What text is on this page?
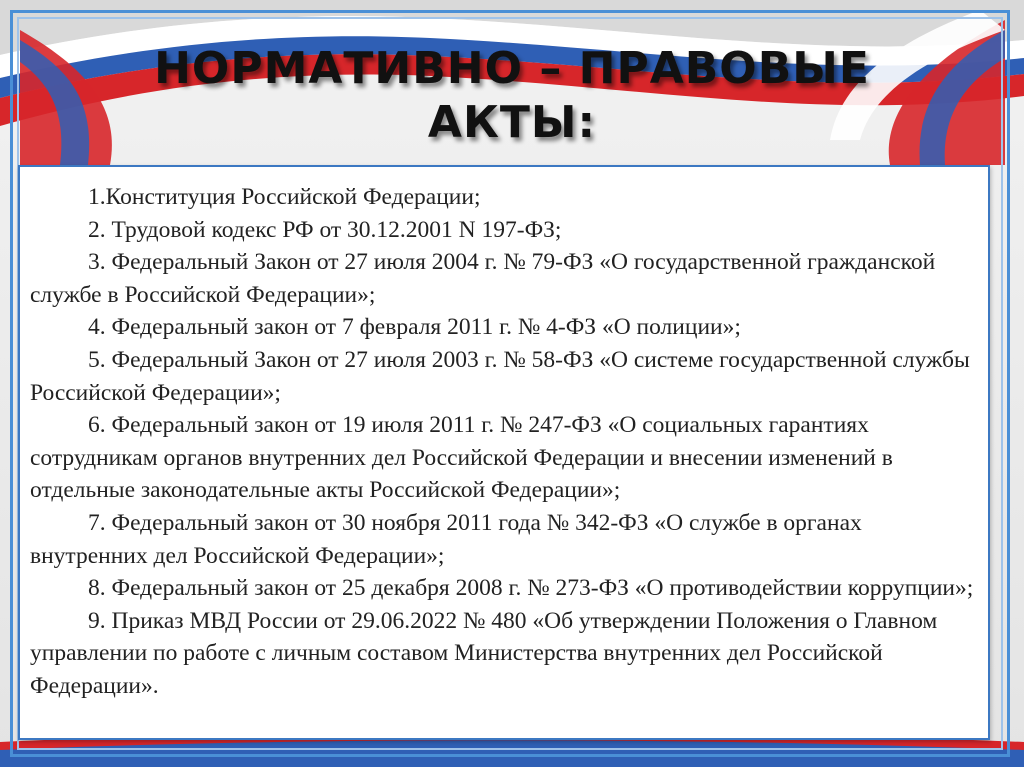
НОРМАТИВНО – ПРАВОВЫЕ
АКТЫ:

1.Конституция Российской Федерации;

2. Трудовой кодекс РФ от 30.12.2001 N 197-ФЗ;

3. Федеральный Закон от 27 июля 2004 г. № 79-ФЗ «О государственной гражданской службе в Российской Федерации»;

4. Федеральный закон от 7 февраля 2011 г. № 4-ФЗ «О полиции»;

5. Федеральный Закон от 27 июля 2003 г. № 58-ФЗ «О системе государственной службы Российской Федерации»;

6. Федеральный закон от 19 июля 2011 г. № 247-ФЗ «О социальных гарантиях сотрудникам органов внутренних дел Российской Федерации и внесении изменений в отдельные законодательные акты Российской Федерации»;

7. Федеральный закон от 30 ноября 2011 года № 342-ФЗ «О службе в органах внутренних дел Российской Федерации»;

8. Федеральный закон от 25 декабря 2008 г. № 273-ФЗ «О противодействии коррупции»;

9. Приказ МВД России от 29.06.2022 № 480 «Об утверждении Положения о Главном управлении по работе с личным составом Министерства внутренних дел Российской Федерации».
